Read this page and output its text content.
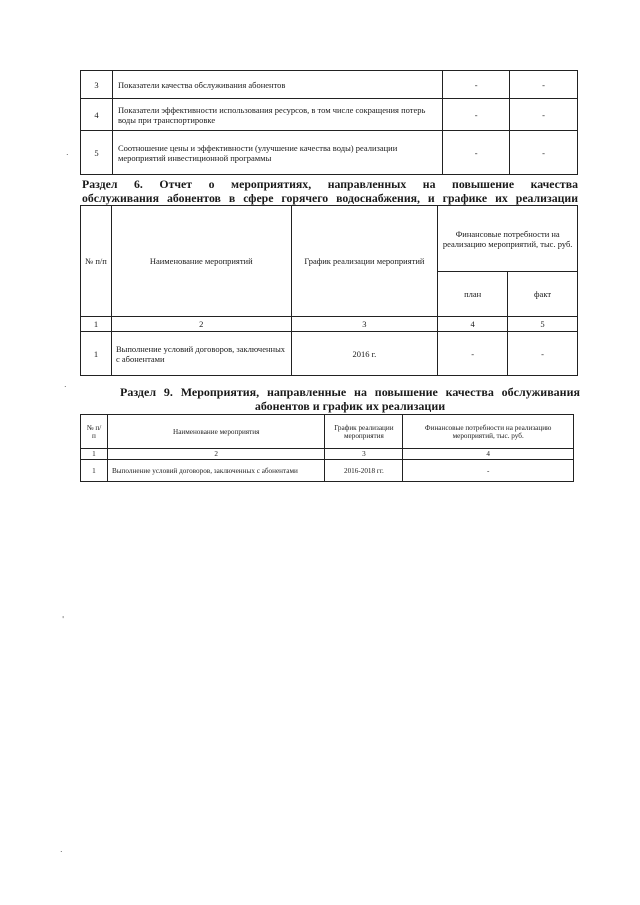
3	Показатели качества обслуживания абонентов	-	-
4	Показатели эффективности использования ресурсов, в том числе сокращения потерь воды при транспортировке	-	-
5	Соотношение цены и эффективности (улучшение качества воды) реализации мероприятий инвестиционной программы	-	-
Раздел 6. Отчет о мероприятиях, направленных на повышение качества
обслуживания абонентов в сфере горячего водоснабжения, и графике их реализации
№ п/п	Наименование мероприятий	График реализации мероприятий	Финансовые потребности на реализацию мероприятий, тыс. руб.	
			план	факт
1	2	3	4	5
1	Выполнение условий договоров, заключенных с абонентами	2016 г.	-	-
Раздел 9. Мероприятия, направленные на повышение качества обслуживания
абонентов и график их реализации
№ п/п	Наименование мероприятия	График реализации мероприятия	Финансовые потребности на реализацию мероприятий, тыс. руб.
1	2	3	4
1	Выполнение условий договоров, заключенных с абонентами	2016-2018 гг.	-
.
.
'
.
